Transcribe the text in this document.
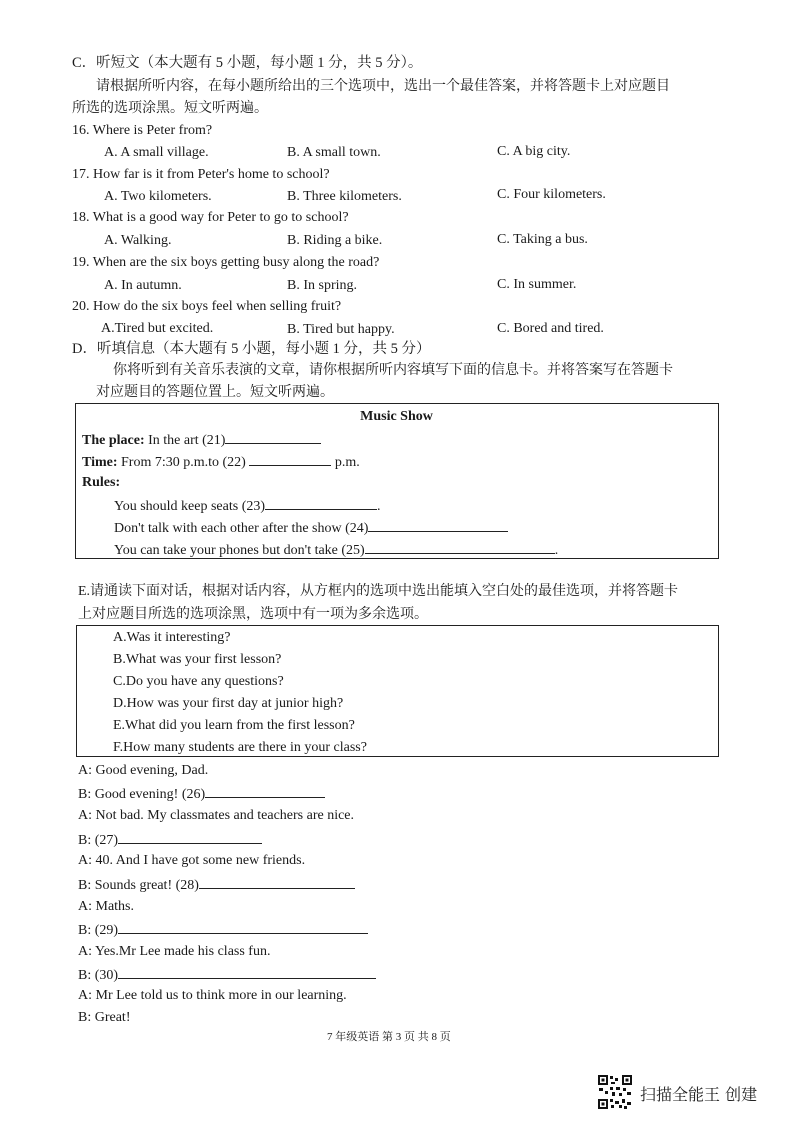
C．听短文（本大题有 5 小题，每小题 1 分，共 5 分）。
请根据所听内容，在每小题所给出的三个选项中，选出一个最佳答案，并将答题卡上对应题目
所选的选项涂黑。短文听两遍。
16. Where is Peter from?
A. A small village.	B. A small town.	C. A big city.
17. How far is it from Peter's home to school?
A. Two kilometers.	B. Three kilometers.	C. Four kilometers.
18. What is a good way for Peter to go to school?
A. Walking.	B. Riding a bike.	C. Taking a bus.
19. When are the six boys getting busy along the road?
A. In autumn.	B. In spring.	C. In summer.
20. How do the six boys feel when selling fruit?
A.Tired but excited.	B. Tired but happy.	C. Bored and tired.
D．听填信息（本大题有 5 小题，每小题 1 分，共 5 分）
你将听到有关音乐表演的文章，请你根据所听内容填写下面的信息卡。并将答案写在答题卡
对应题目的答题位置上。短文听两遍。
Music Show
The place: In the art (21)
Time: From 7:30 p.m.to (22)	p.m.
Rules:
You should keep seats (23)	.
Don't talk with each other after the show (24)
You can take your phones but don't take (25)	.
E.请通读下面对话，根据对话内容，从方框内的选项中选出能填入空白处的最佳选项，并将答题卡
上对应题目所选的选项涂黑，选项中有一项为多余选项。
A.Was it interesting?
B.What was your first lesson?
C.Do you have any questions?
D.How was your first day at junior high?
E.What did you learn from the first lesson?
F.How many students are there in your class?
A: Good evening, Dad.
B: Good evening! (26)
A: Not bad. My classmates and teachers are nice.
B: (27)
A: 40. And I have got some new friends.
B: Sounds great! (28)
A: Maths.
B: (29)
A: Yes.Mr Lee made his class fun.
B: (30)
A: Mr Lee told us to think more in our learning.
B: Great!
7 年级英语 第 3 页 共 8 页
扫描全能王 创建
